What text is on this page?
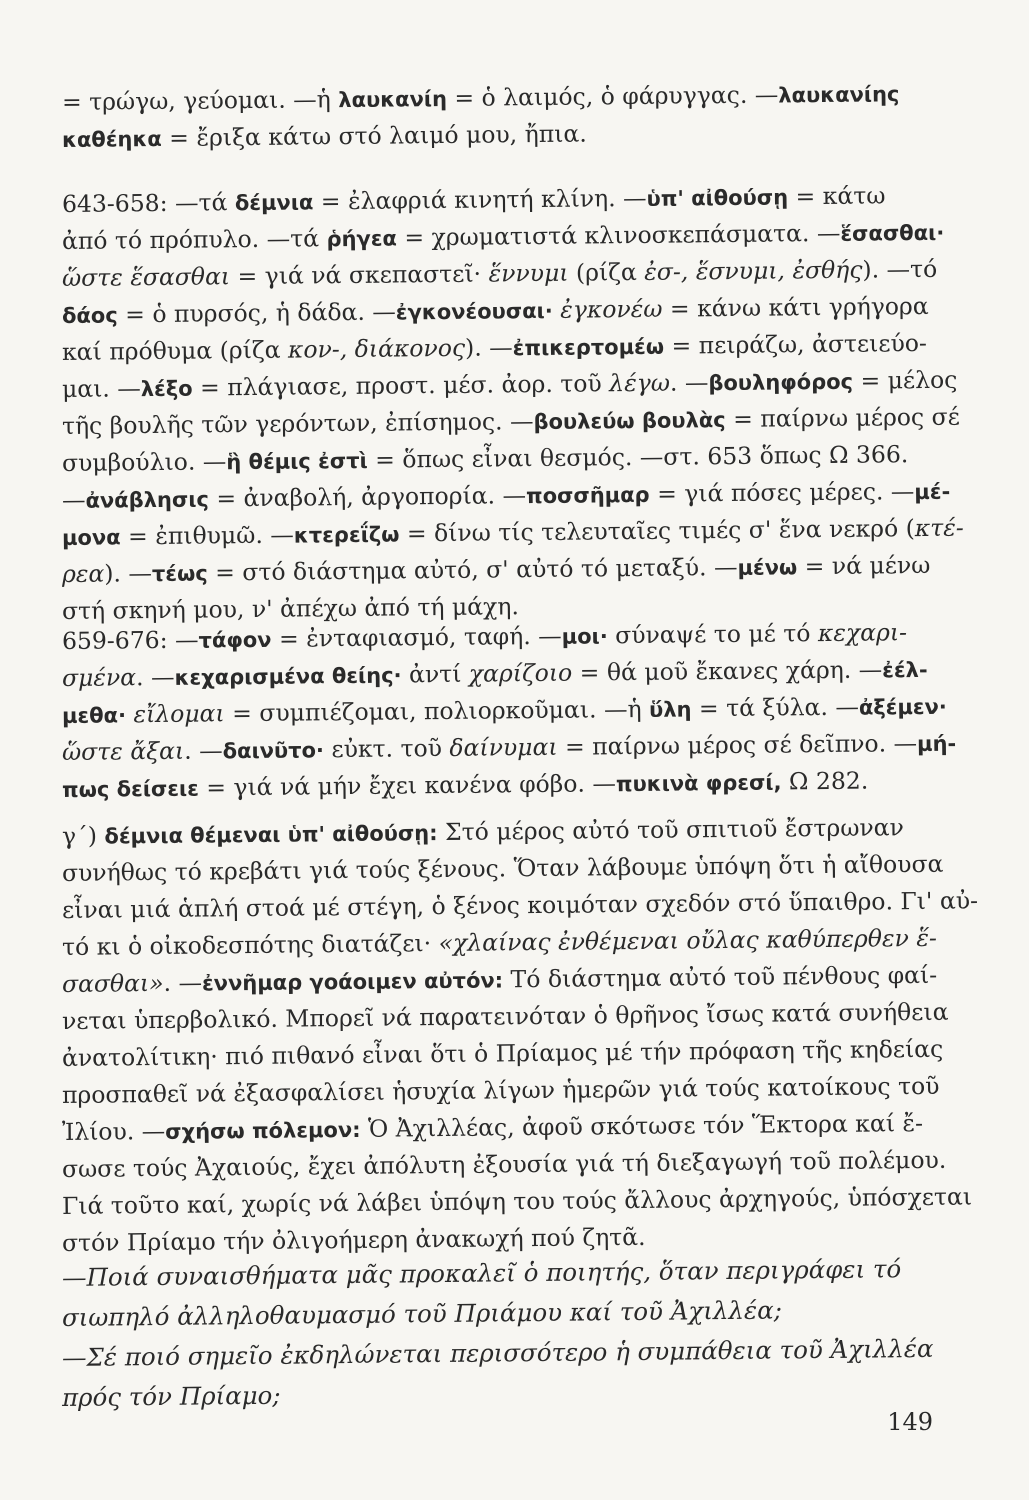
= τρώγω, γεύομαι. —ἡ λαυκανίη = ὁ λαιμός, ὁ φάρυγγας. —λαυκανίης
καθέηκα = ἔριξα κάτω στό λαιμό μου, ἤπια.
643-658: —τά δέμνια = ἐλαφριά κινητή κλίνη. —ὑπ' αἰθούσῃ = κάτω
ἀπό τό πρόπυλο. —τά ῥήγεα = χρωματιστά κλινοσκεπάσματα. —ἕσασθαι·
ὥστε ἕσασθαι = γιά νά σκεπαστεῖ· ἕννυμι (ρίζα ἐσ-, ἕσνυμι, ἐσθής). —τό
δάος = ὁ πυρσός, ἡ δάδα. —ἐγκονέουσαι· ἐγκονέω = κάνω κάτι γρήγορα
καί πρόθυμα (ρίζα κον-, διάκονος). —ἐπικερτομέω = πειράζω, ἀστειεύο-
μαι. —λέξο = πλάγιασε, προστ. μέσ. ἀορ. τοῦ λέγω. —βουληφόρος = μέλος
τῆς βουλῆς τῶν γερόντων, ἐπίσημος. —βουλεύω βουλὰς = παίρνω μέρος σέ
συμβούλιο. —ἣ θέμις ἐστὶ = ὅπως εἶναι θεσμός. —στ. 653 ὅπως Ω 366.
—ἀνάβλησις = ἀναβολή, ἀργοπορία. —ποσσῆμαρ = γιά πόσες μέρες. —μέ-
μονα = ἐπιθυμῶ. —κτερεΐζω = δίνω τίς τελευταῖες τιμές σ' ἕνα νεκρό (κτέ-
ρεα). —τέως = στό διάστημα αὐτό, σ' αὐτό τό μεταξύ. —μένω = νά μένω
στή σκηνή μου, ν' ἀπέχω ἀπό τή μάχη.
659-676: —τάφον = ἐνταφιασμό, ταφή. —μοι· σύναψέ το μέ τό κεχαρι-
σμένα. —κεχαρισμένα θείης· ἀντί χαρίζοιο = θά μοῦ ἔκανες χάρη. —ἐέλ-
μεθα· εἴλομαι = συμπιέζομαι, πολιορκοῦμαι. —ἡ ὕλη = τά ξύλα. —ἀξέμεν·
ὥστε ἄξαι. —δαινῦτο· εὐκτ. τοῦ δαίνυμαι = παίρνω μέρος σέ δεῖπνο. —μή-
πως δείσειε = γιά νά μήν ἔχει κανένα φόβο. —πυκινὰ φρεσί, Ω 282.
γ΄) δέμνια θέμεναι ὑπ' αἰθούσῃ: Στό μέρος αὐτό τοῦ σπιτιοῦ ἔστρωναν
συνήθως τό κρεβάτι γιά τούς ξένους. Ὅταν λάβουμε ὑπόψη ὅτι ἡ αἴθουσα
εἶναι μιά ἁπλή στοά μέ στέγη, ὁ ξένος κοιμόταν σχεδόν στό ὕπαιθρο. Γι' αὐ-
τό κι ὁ οἰκοδεσπότης διατάζει· «χλαίνας ἐνθέμεναι οὔλας καθύπερθεν ἕ-
σασθαι». —ἐννῆμαρ γοάοιμεν αὐτόν: Τό διάστημα αὐτό τοῦ πένθους φαί-
νεται ὑπερβολικό. Μπορεῖ νά παρατεινόταν ὁ θρῆνος ἴσως κατά συνήθεια
ἀνατολίτικη· πιό πιθανό εἶναι ὅτι ὁ Πρίαμος μέ τήν πρόφαση τῆς κηδείας
προσπαθεῖ νά ἐξασφαλίσει ἡσυχία λίγων ἡμερῶν γιά τούς κατοίκους τοῦ
Ἰλίου. —σχήσω πόλεμον: Ὁ Ἀχιλλέας, ἀφοῦ σκότωσε τόν Ἕκτορα καί ἔ-
σωσε τούς Ἀχαιούς, ἔχει ἀπόλυτη ἐξουσία γιά τή διεξαγωγή τοῦ πολέμου.
Γιά τοῦτο καί, χωρίς νά λάβει ὑπόψη του τούς ἄλλους ἀρχηγούς, ὑπόσχεται
στόν Πρίαμο τήν ὀλιγοήμερη ἀνακωχή πού ζητᾶ.
—Ποιά συναισθήματα μᾶς προκαλεῖ ὁ ποιητής, ὅταν περιγράφει τό
σιωπηλό ἀλληλοθαυμασμό τοῦ Πριάμου καί τοῦ Ἀχιλλέα;
—Σέ ποιό σημεῖο ἐκδηλώνεται περισσότερο ἡ συμπάθεια τοῦ Ἀχιλλέα
πρός τόν Πρίαμο;
149
